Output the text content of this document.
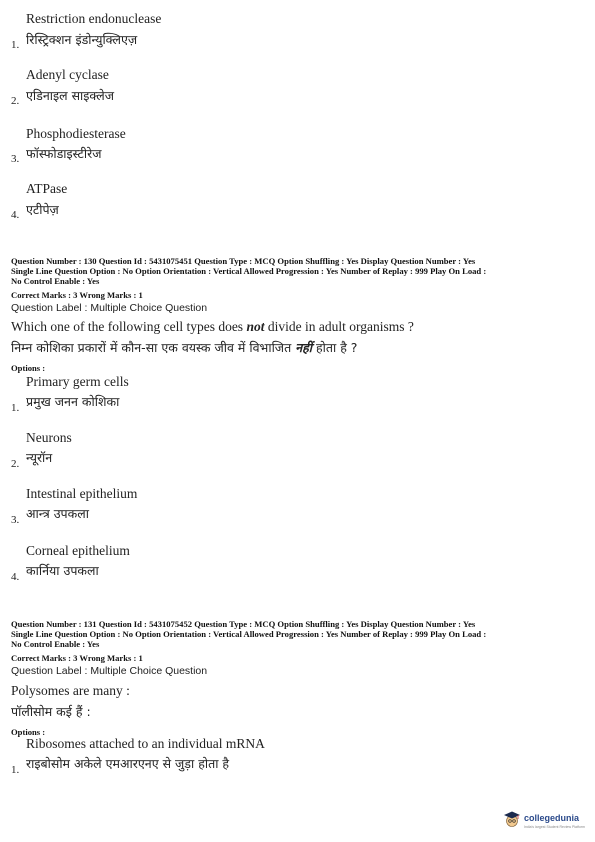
Restriction endonuclease
1. रिस्ट्रिक्शन इंडोन्युक्लिएज़
Adenyl cyclase
2. एडिनाइल साइक्लेज
Phosphodiesterase
3. फॉस्फोडाइस्टीरेज
ATPase
4. एटीपेज़
Question Number : 130 Question Id : 5431075451 Question Type : MCQ Option Shuffling : Yes Display Question Number : Yes
Single Line Question Option : No Option Orientation : Vertical Allowed Progression : Yes Number of Replay : 999 Play On Load :
No Control Enable : Yes
Correct Marks : 3 Wrong Marks : 1
Question Label : Multiple Choice Question
Which one of the following cell types does not divide in adult organisms ?
निम्न कोशिका प्रकारों में कौन-सा एक वयस्क जीव में विभाजित नहीं होता है ?
Options :
Primary germ cells
1. प्रमुख जनन कोशिका
Neurons
2. न्यूरॉन
Intestinal epithelium
3. आन्त्र उपकला
Corneal epithelium
4. कार्निया उपकला
Question Number : 131 Question Id : 5431075452 Question Type : MCQ Option Shuffling : Yes Display Question Number : Yes
Single Line Question Option : No Option Orientation : Vertical Allowed Progression : Yes Number of Replay : 999 Play On Load :
No Control Enable : Yes
Correct Marks : 3 Wrong Marks : 1
Question Label : Multiple Choice Question
Polysomes are many :
पॉलीसोम कई हैं :
Options :
Ribosomes attached to an individual mRNA
1. राइबोसोम अकेले एमआरएनए से जुड़ा होता है
collegedunia
India's largest Student Review Platform
